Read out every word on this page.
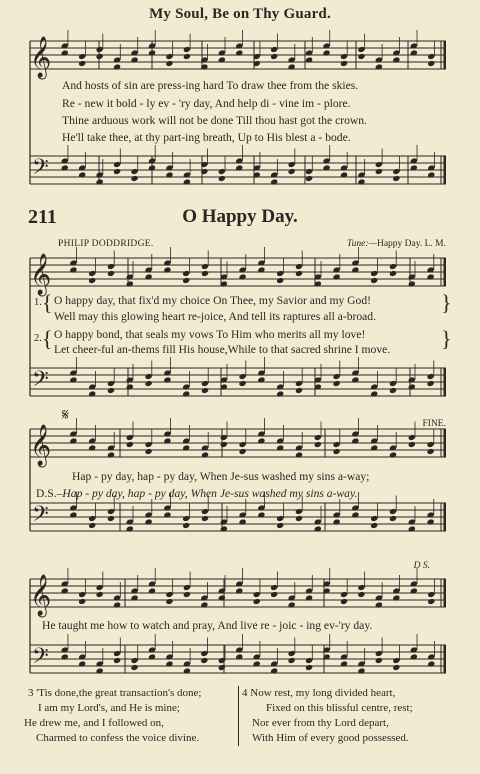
𝄞
𝄢
𝄞
𝄢
𝄞
𝄢
𝄋
𝄞
𝄢
My Soul, Be on Thy Guard.
And hosts of sin are press-ing hard To draw thee from the skies.
Re - new it bold - ly ev - 'ry day, And help di - vine im - plore.
Thine arduous work will not be done Till thou hast got the crown.
He'll take thee, at thy part-ing breath, Up to His blest a - bode.
211	O Happy Day.
PHILIP DODDRIDGE.	Tune:—Happy Day. L. M.
1.
2.
{
{
}
}
O happy day, that fix'd my choice On Thee, my Savior and my God!
Well may this glowing heart re-joice, And tell its raptures all a-broad.
O happy bond, that seals my vows To Him who merits all my love!
Let cheer-ful an-thems fill His house,While to that sacred shrine I move.
FINE.
Hap - py day, hap - py day, When Je-sus washed my sins a-way;
D.S.–Hap - py day, hap - py day, When Je-sus washed my sins a-way.
D S.
He taught me how to watch and pray, And live re - joic - ing ev-'ry day.
3 'Tis done,the great transaction's done;
I am my Lord's, and He is mine;
He drew me, and I followed on,
Charmed to confess the voice divine.
4 Now rest, my long divided heart,
Fixed on this blissful centre, rest;
Nor ever from thy Lord depart,
With Him of every good possessed.
